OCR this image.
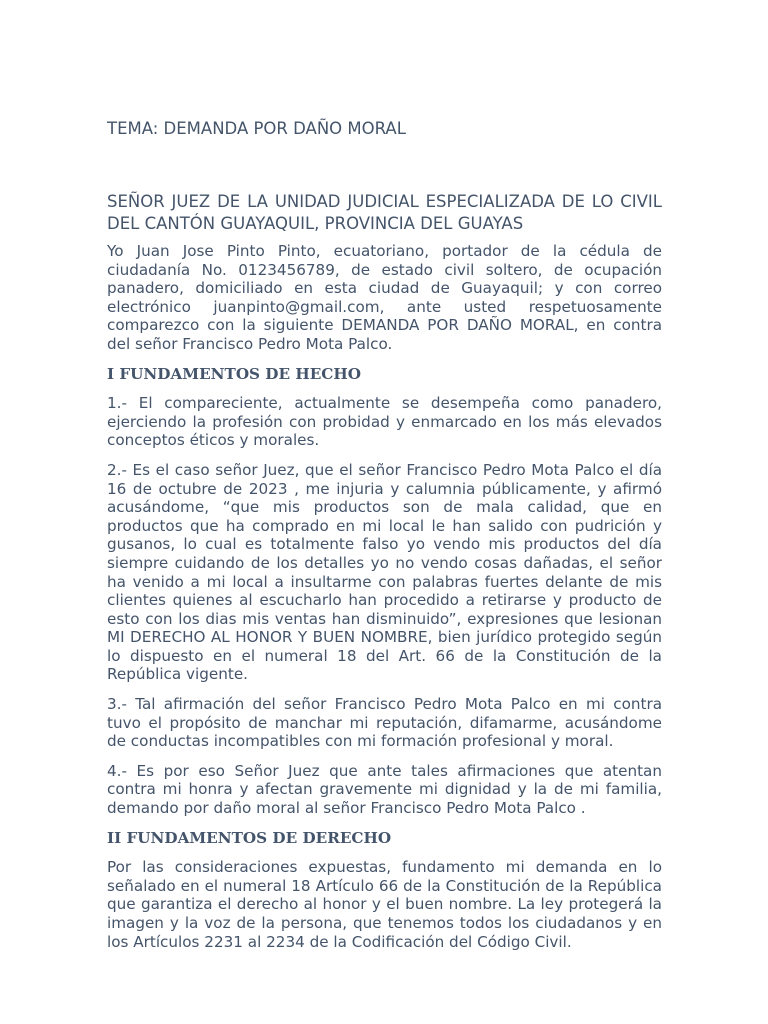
TEMA: DEMANDA POR DAÑO MORAL
SEÑOR JUEZ DE LA UNIDAD JUDICIAL ESPECIALIZADA DE LO CIVIL DEL CANTÓN GUAYAQUIL, PROVINCIA DEL GUAYAS

Yo Juan Jose Pinto Pinto, ecuatoriano, portador de la cédula de ciudadanía No. 0123456789, de estado civil soltero, de ocupación panadero, domiciliado en esta ciudad de Guayaquil; y con correo electrónico juanpinto@gmail.com, ante usted respetuosamente comparezco con la siguiente DEMANDA POR DAÑO MORAL, en contra del señor Francisco Pedro Mota Palco.

I FUNDAMENTOS DE HECHO

1.- El compareciente, actualmente se desempeña como panadero, ejerciendo la profesión con probidad y enmarcado en los más elevados conceptos éticos y morales.

2.- Es el caso señor Juez, que el señor Francisco Pedro Mota Palco el día 16 de octubre de 2023 , me injuria y calumnia públicamente, y afirmó acusándome, “que mis productos son de mala calidad, que en productos que ha comprado en mi local le han salido con pudrición y gusanos, lo cual es totalmente falso yo vendo mis productos del día siempre cuidando de los detalles yo no vendo cosas dañadas, el señor ha venido a mi local a insultarme con palabras fuertes delante de mis clientes quienes al escucharlo han procedido a retirarse y producto de esto con los dias mis ventas han disminuido”, expresiones que lesionan MI DERECHO AL HONOR Y BUEN NOMBRE, bien jurídico protegido según lo dispuesto en el numeral 18 del Art. 66 de la Constitución de la República vigente.

3.- Tal afirmación del señor Francisco Pedro Mota Palco en mi contra tuvo el propósito de manchar mi reputación, difamarme, acusándome de conductas incompatibles con mi formación profesional y moral.

4.- Es por eso Señor Juez que ante tales afirmaciones que atentan contra mi honra y afectan gravemente mi dignidad y la de mi familia, demando por daño moral al señor Francisco Pedro Mota Palco .

II FUNDAMENTOS DE DERECHO

Por las consideraciones expuestas, fundamento mi demanda en lo señalado en el numeral 18 Artículo 66 de la Constitución de la República que garantiza el derecho al honor y el buen nombre. La ley protegerá la imagen y la voz de la persona, que tenemos todos los ciudadanos y en los Artículos 2231 al 2234 de la Codificación del Código Civil.
